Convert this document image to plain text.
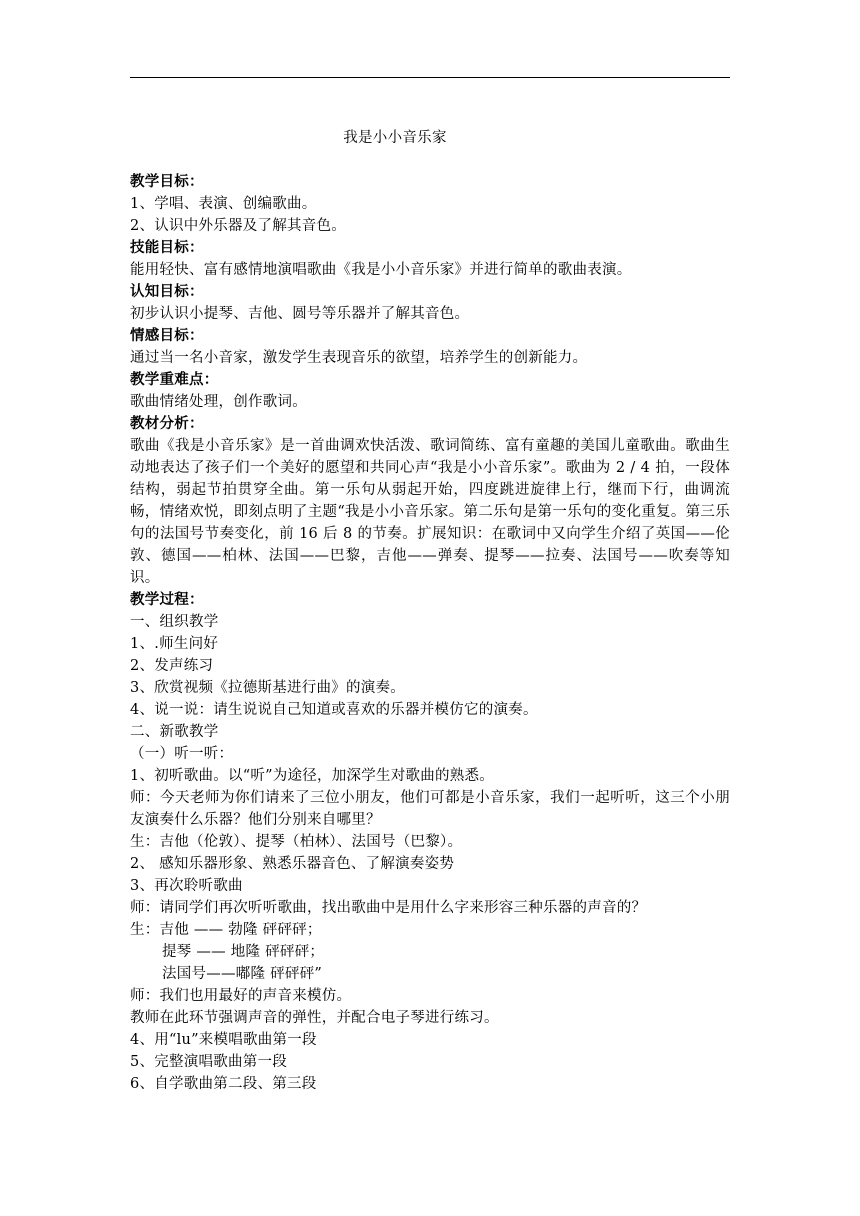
我是小小音乐家
教学目标：
1、学唱、表演、创编歌曲。
2、认识中外乐器及了解其音色。
技能目标：
能用轻快、富有感情地演唱歌曲《我是小小音乐家》并进行简单的歌曲表演。
认知目标：
初步认识小提琴、吉他、圆号等乐器并了解其音色。
情感目标：
通过当一名小音家，激发学生表现音乐的欲望，培养学生的创新能力。
教学重难点：
歌曲情绪处理，创作歌词。
教材分析：
歌曲《我是小音乐家》是一首曲调欢快活泼、歌词简练、富有童趣的美国儿童歌曲。歌曲生动地表达了孩子们一个美好的愿望和共同心声“我是小小音乐家”。歌曲为 2 / 4 拍，一段体结构，弱起节拍贯穿全曲。第一乐句从弱起开始，四度跳进旋律上行，继而下行，曲调流畅，情绪欢悦，即刻点明了主题“我是小小音乐家。第二乐句是第一乐句的变化重复。第三乐句的法国号节奏变化，前 16 后 8 的节奏。扩展知识：在歌词中又向学生介绍了英国——伦敦、德国——柏林、法国——巴黎，吉他——弹奏、提琴——拉奏、法国号——吹奏等知识。
教学过程：
一、组织教学
1、.师生问好
2、发声练习
3、欣赏视频《拉德斯基进行曲》的演奏。
4、说一说：请生说说自己知道或喜欢的乐器并模仿它的演奏。
二、新歌教学
（一）听一听：
1、初听歌曲。以“听”为途径，加深学生对歌曲的熟悉。
师：今天老师为你们请来了三位小朋友，他们可都是小音乐家，我们一起听听，这三个小朋友演奏什么乐器？他们分别来自哪里？
生：吉他（伦敦）、提琴（柏林）、法国号（巴黎）。
2、 感知乐器形象、熟悉乐器音色、了解演奏姿势
3、再次聆听歌曲
师：请同学们再次听听歌曲，找出歌曲中是用什么字来形容三种乐器的声音的？
生：吉他 —— 勃隆 砰砰砰；
提琴 —— 地隆 砰砰砰；
法国号——嘟隆 砰砰砰”
师：我们也用最好的声音来模仿。
教师在此环节强调声音的弹性，并配合电子琴进行练习。
4、用“lu”来模唱歌曲第一段
5、完整演唱歌曲第一段
6、自学歌曲第二段、第三段
